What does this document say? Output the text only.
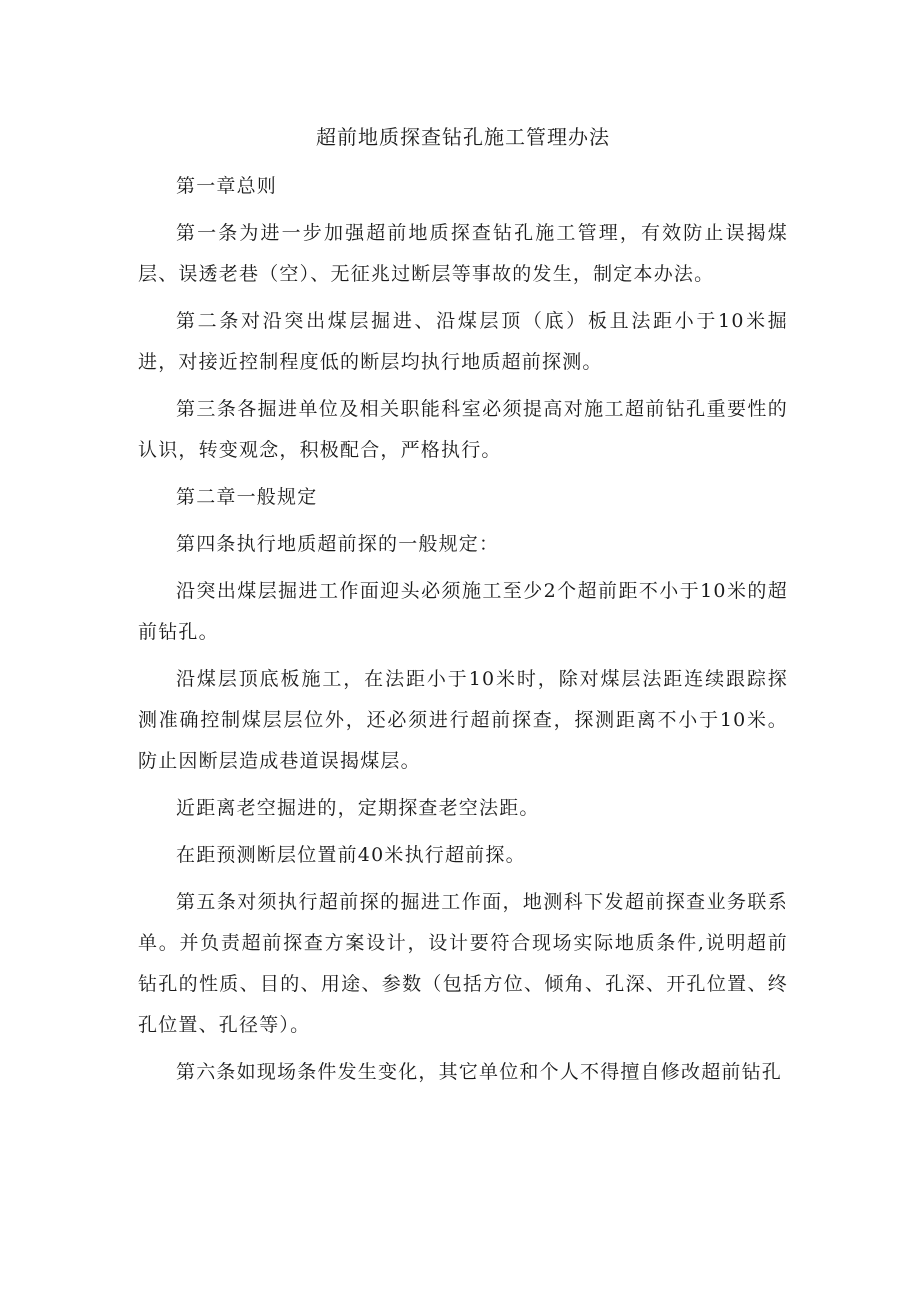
超前地质探查钻孔施工管理办法

第一章总则

第一条为进一步加强超前地质探查钻孔施工管理，有效防止误揭煤层、误透老巷（空）、无征兆过断层等事故的发生，制定本办法。

第二条对沿突出煤层掘进、沿煤层顶（底）板且法距小于10米掘进，对接近控制程度低的断层均执行地质超前探测。

第三条各掘进单位及相关职能科室必须提高对施工超前钻孔重要性的认识，转变观念，积极配合，严格执行。

第二章一般规定

第四条执行地质超前探的一般规定：

沿突出煤层掘进工作面迎头必须施工至少2个超前距不小于10米的超前钻孔。

沿煤层顶底板施工，在法距小于10米时，除对煤层法距连续跟踪探测准确控制煤层层位外，还必须进行超前探查，探测距离不小于10米。防止因断层造成巷道误揭煤层。

近距离老空掘进的，定期探查老空法距。

在距预测断层位置前40米执行超前探。

第五条对须执行超前探的掘进工作面，地测科下发超前探查业务联系单。并负责超前探查方案设计，设计要符合现场实际地质条件,说明超前钻孔的性质、目的、用途、参数（包括方位、倾角、孔深、开孔位置、终孔位置、孔径等）。

第六条如现场条件发生变化，其它单位和个人不得擅自修改超前钻孔
